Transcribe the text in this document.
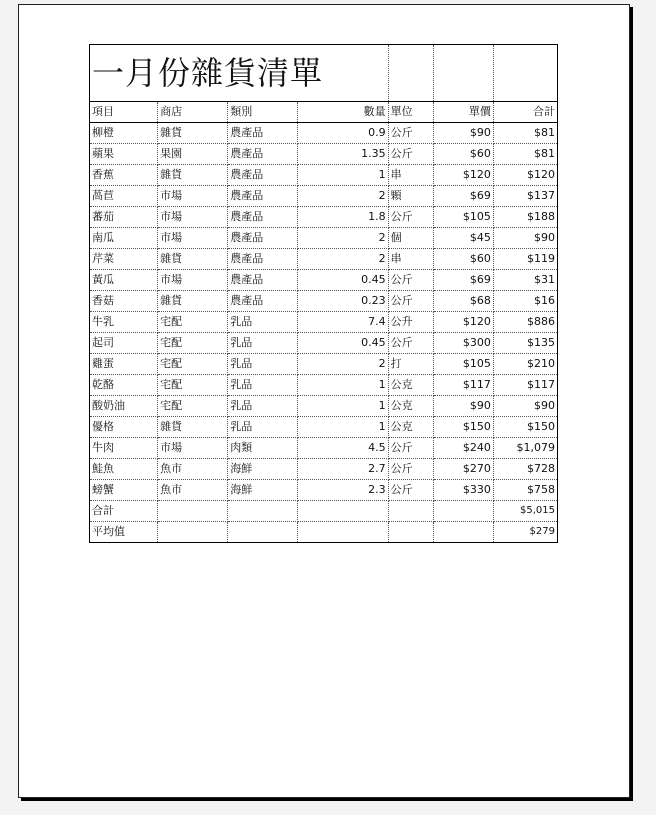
一月份雜貨清單						
項目	商店	類別	數量	單位	單價	合計
柳橙	雜貨	農產品	0.9	公斤	$90	$81
蘋果	果園	農產品	1.35	公斤	$60	$81
香蕉	雜貨	農產品	1	串	$120	$120
萵苣	市場	農產品	2	顆	$69	$137
蕃茄	市場	農產品	1.8	公斤	$105	$188
南瓜	市場	農產品	2	個	$45	$90
芹菜	雜貨	農產品	2	串	$60	$119
黃瓜	市場	農產品	0.45	公斤	$69	$31
香菇	雜貨	農產品	0.23	公斤	$68	$16
牛乳	宅配	乳品	7.4	公升	$120	$886
起司	宅配	乳品	0.45	公斤	$300	$135
雞蛋	宅配	乳品	2	打	$105	$210
乾酪	宅配	乳品	1	公克	$117	$117
酸奶油	宅配	乳品	1	公克	$90	$90
優格	雜貨	乳品	1	公克	$150	$150
牛肉	市場	肉類	4.5	公斤	$240	$1,079
鮭魚	魚市	海鮮	2.7	公斤	$270	$728
螃蟹	魚市	海鮮	2.3	公斤	$330	$758
合計						$5,015
平均值						$279
